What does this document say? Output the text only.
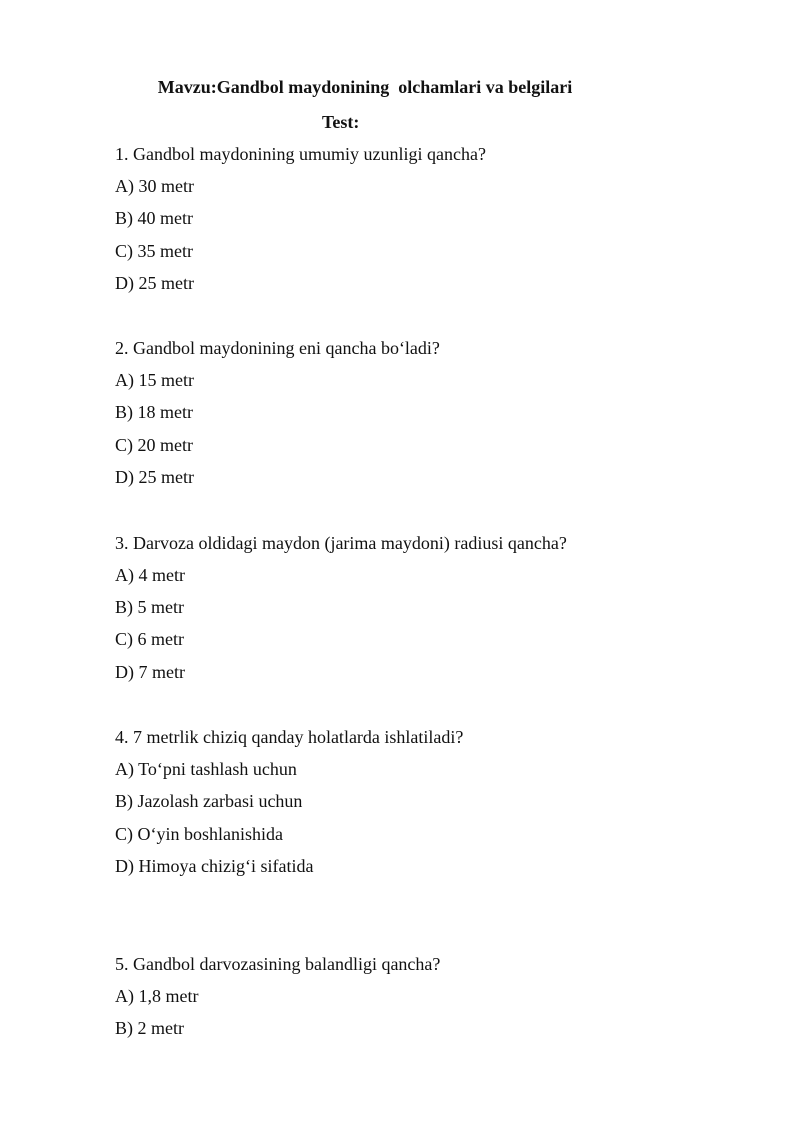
Mavzu:Gandbol maydonining  olchamlari va belgilari
Test:
1. Gandbol maydonining umumiy uzunligi qancha?
A) 30 metr
B) 40 metr
C) 35 metr
D) 25 metr
2. Gandbol maydonining eni qancha bo‘ladi?
A) 15 metr
B) 18 metr
C) 20 metr
D) 25 metr
3. Darvoza oldidagi maydon (jarima maydoni) radiusi qancha?
A) 4 metr
B) 5 metr
C) 6 metr
D) 7 metr
4. 7 metrlik chiziq qanday holatlarda ishlatiladi?
A) To‘pni tashlash uchun
B) Jazolash zarbasi uchun
C) O‘yin boshlanishida
D) Himoya chizig‘i sifatida
5. Gandbol darvozasining balandligi qancha?
A) 1,8 metr
B) 2 metr
